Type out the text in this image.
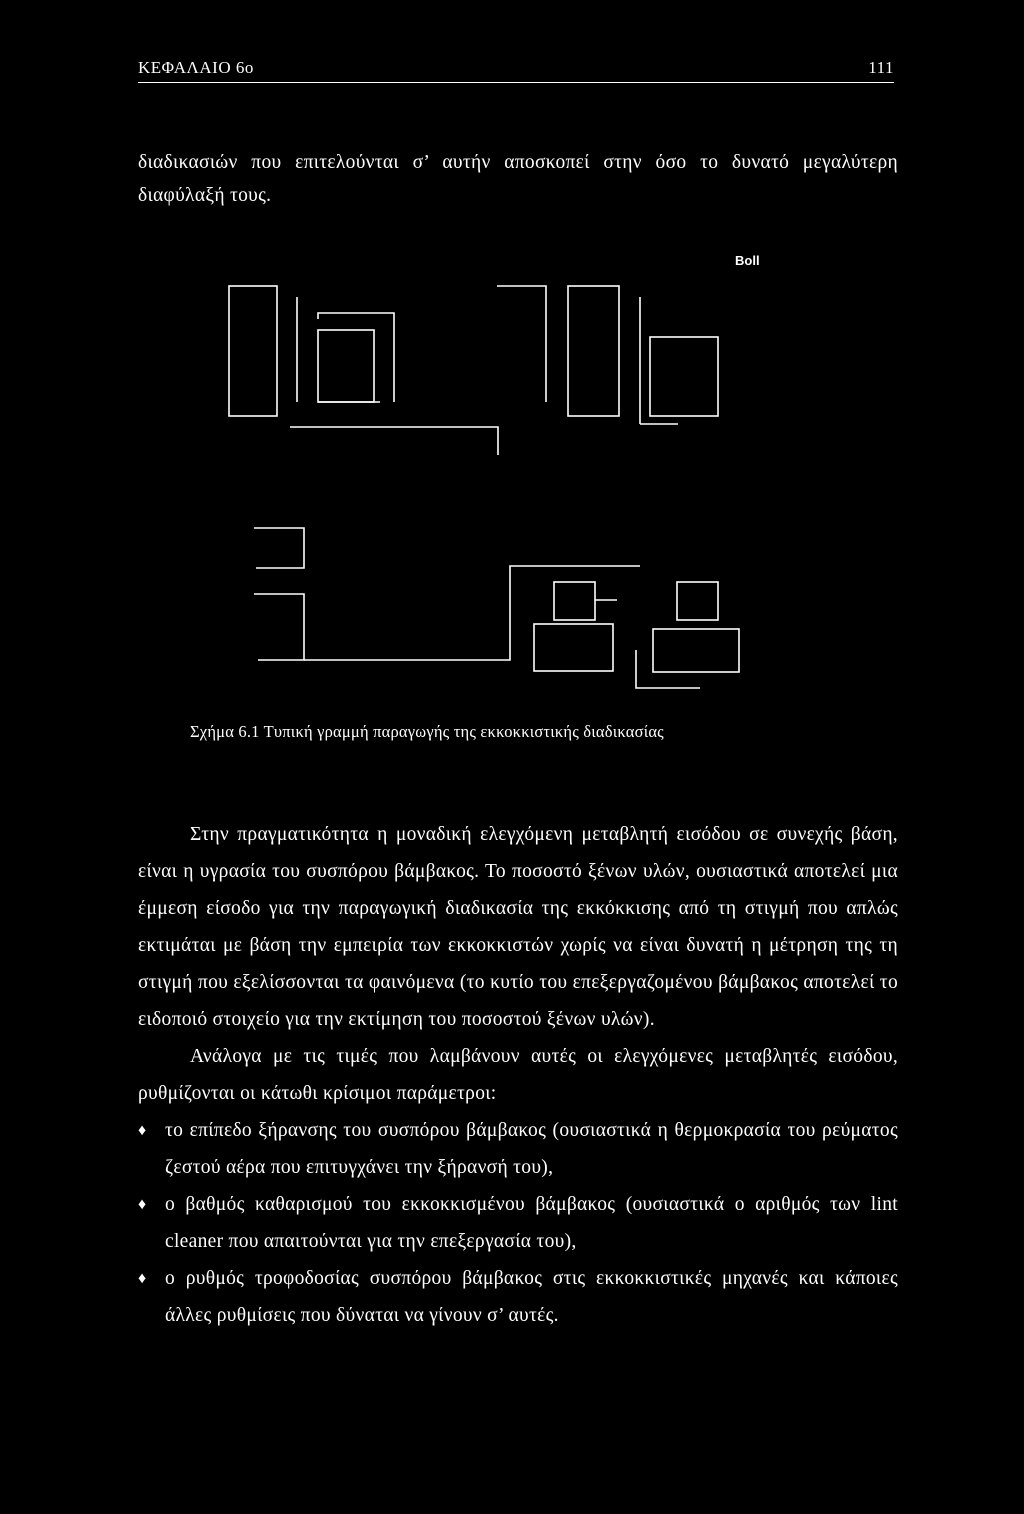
ΚΕΦΑΛΑΙΟ 6ο	111
διαδικασιών που επιτελούνται σ’ αυτήν αποσκοπεί στην όσο το δυνατό μεγαλύτερη διαφύλαξή τους.
Boll
Σχήμα 6.1 Τυπική γραμμή παραγωγής της εκκοκκιστικής διαδικασίας

Στην πραγματικότητα η μοναδική ελεγχόμενη μεταβλητή εισόδου σε συνεχής βάση, είναι η υγρασία του συσπόρου βάμβακος. Το ποσοστό ξένων υλών, ουσιαστικά αποτελεί μια έμμεση είσοδο για την παραγωγική διαδικασία της εκκόκκισης από τη στιγμή που απλώς εκτιμάται με βάση την εμπειρία των εκκοκκιστών χωρίς να είναι δυνατή η μέτρηση της τη στιγμή που εξελίσσονται τα φαινόμενα (το κυτίο του επεξεργαζομένου βάμβακος αποτελεί το ειδοποιό στοιχείο για την εκτίμηση του ποσοστού ξένων υλών).

Ανάλογα με τις τιμές που λαμβάνουν αυτές οι ελεγχόμενες μεταβλητές εισόδου, ρυθμίζονται οι κάτωθι κρίσιμοι παράμετροι:

♦ το επίπεδο ξήρανσης του συσπόρου βάμβακος (ουσιαστικά η θερμοκρασία του ρεύματος ζεστού αέρα που επιτυγχάνει την ξήρανσή του),
♦ ο βαθμός καθαρισμού του εκκοκκισμένου βάμβακος (ουσιαστικά ο αριθμός των lint cleaner που απαιτούνται για την επεξεργασία του),
♦ ο ρυθμός τροφοδοσίας συσπόρου βάμβακος στις εκκοκκιστικές μηχανές και κάποιες άλλες ρυθμίσεις που δύναται να γίνουν σ’ αυτές.
